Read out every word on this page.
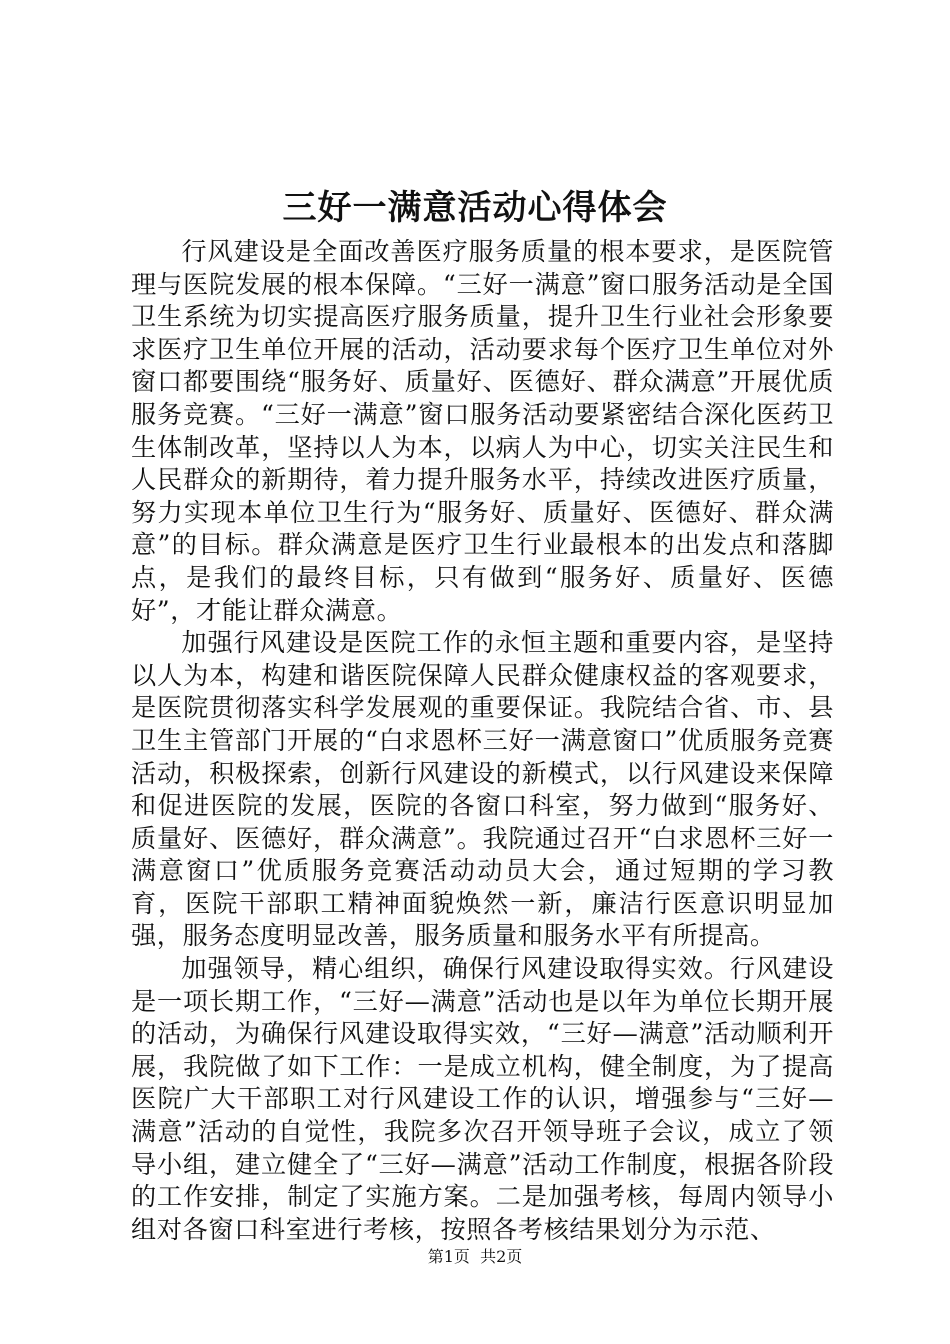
三好一满意活动心得体会

行风建设是全面改善医疗服务质量的根本要求，是医院管理与医院发展的根本保障。“三好一满意”窗口服务活动是全国卫生系统为切实提高医疗服务质量，提升卫生行业社会形象要求医疗卫生单位开展的活动，活动要求每个医疗卫生单位对外窗口都要围绕“服务好、质量好、医德好、群众满意”开展优质服务竞赛。“三好一满意”窗口服务活动要紧密结合深化医药卫生体制改革，坚持以人为本，以病人为中心，切实关注民生和人民群众的新期待，着力提升服务水平，持续改进医疗质量，努力实现本单位卫生行为“服务好、质量好、医德好、群众满意”的目标。群众满意是医疗卫生行业最根本的出发点和落脚点，是我们的最终目标，只有做到“服务好、质量好、医德好”，才能让群众满意。

加强行风建设是医院工作的永恒主题和重要内容，是坚持以人为本，构建和谐医院保障人民群众健康权益的客观要求，是医院贯彻落实科学发展观的重要保证。我院结合省、市、县卫生主管部门开展的“白求恩杯三好一满意窗口”优质服务竞赛活动，积极探索，创新行风建设的新模式，以行风建设来保障和促进医院的发展，医院的各窗口科室，努力做到“服务好、质量好、医德好，群众满意”。我院通过召开“白求恩杯三好一满意窗口”优质服务竞赛活动动员大会，通过短期的学习教育，医院干部职工精神面貌焕然一新，廉洁行医意识明显加强，服务态度明显改善，服务质量和服务水平有所提高。

加强领导，精心组织，确保行风建设取得实效。行风建设是一项长期工作，“三好—满意”活动也是以年为单位长期开展的活动，为确保行风建设取得实效，“三好—满意”活动顺利开展，我院做了如下工作：一是成立机构，健全制度，为了提高医院广大干部职工对行风建设工作的认识，增强参与“三好—满意”活动的自觉性，我院多次召开领导班子会议，成立了领导小组，建立健全了“三好—满意”活动工作制度，根据各阶段的工作安排，制定了实施方案。二是加强考核，每周内领导小组对各窗口科室进行考核，按照各考核结果划分为示范、

第1页  共2页
